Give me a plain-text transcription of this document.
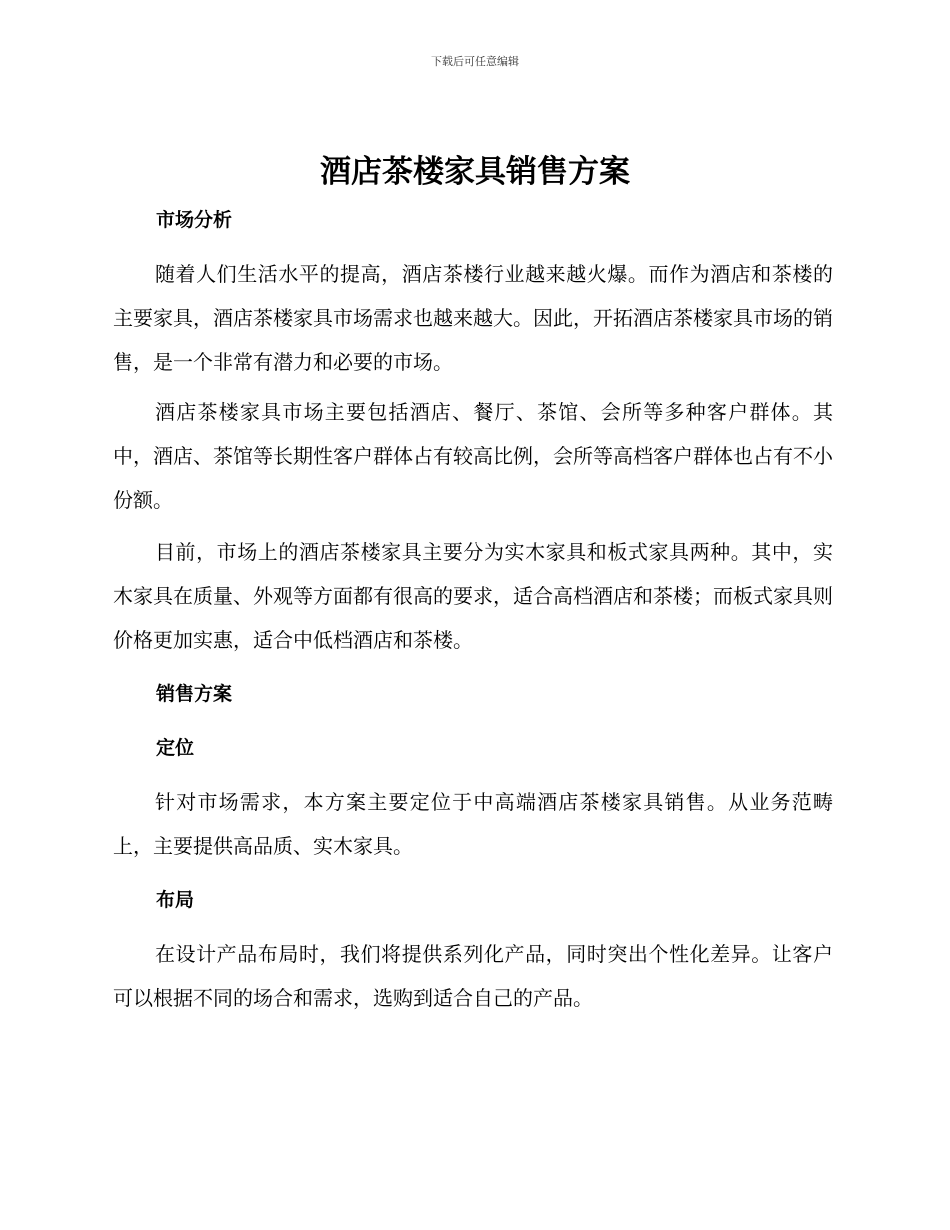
下载后可任意编辑
酒店茶楼家具销售方案
市场分析

随着人们生活水平的提高，酒店茶楼行业越来越火爆。而作为酒店和茶楼的主要家具，酒店茶楼家具市场需求也越来越大。因此，开拓酒店茶楼家具市场的销售，是一个非常有潜力和必要的市场。

酒店茶楼家具市场主要包括酒店、餐厅、茶馆、会所等多种客户群体。其中，酒店、茶馆等长期性客户群体占有较高比例，会所等高档客户群体也占有不小份额。

目前，市场上的酒店茶楼家具主要分为实木家具和板式家具两种。其中，实木家具在质量、外观等方面都有很高的要求，适合高档酒店和茶楼；而板式家具则价格更加实惠，适合中低档酒店和茶楼。

销售方案
定位

针对市场需求，本方案主要定位于中高端酒店茶楼家具销售。从业务范畴上，主要提供高品质、实木家具。

布局

在设计产品布局时，我们将提供系列化产品，同时突出个性化差异。让客户可以根据不同的场合和需求，选购到适合自己的产品。
